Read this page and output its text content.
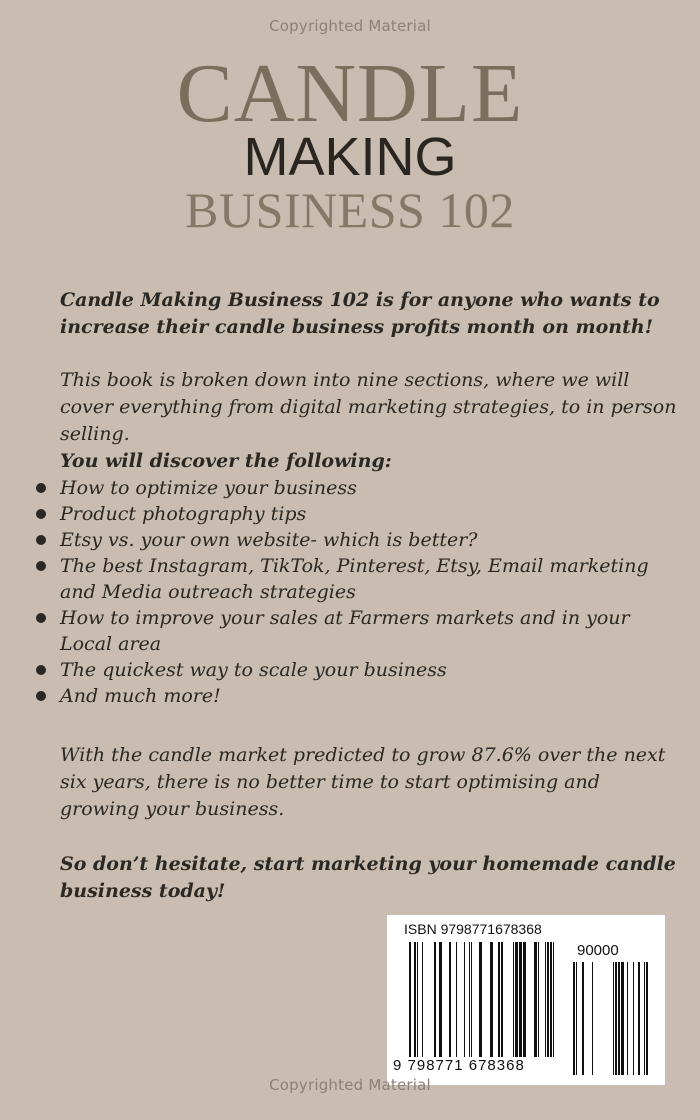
Copyrighted Material
CANDLE
MAKING
BUSINESS 102
Candle Making Business 102 is for anyone who wants to increase their candle business profits month on month!
This book is broken down into nine sections, where we will cover everything from digital marketing strategies, to in person selling.
You will discover the following:
How to optimize your business
Product photography tips
Etsy vs. your own website- which is better?
The best Instagram, TikTok, Pinterest, Etsy, Email marketing and Media outreach strategies
How to improve your sales at Farmers markets and in your Local area
The quickest way to scale your business
And much more!
With the candle market predicted to grow 87.6% over the next six years, there is no better time to start optimising and growing your business.
So don’t hesitate, start marketing your homemade candle business today!
ISBN 9798771678368
90000
9 798771 678368
Copyrighted Material
